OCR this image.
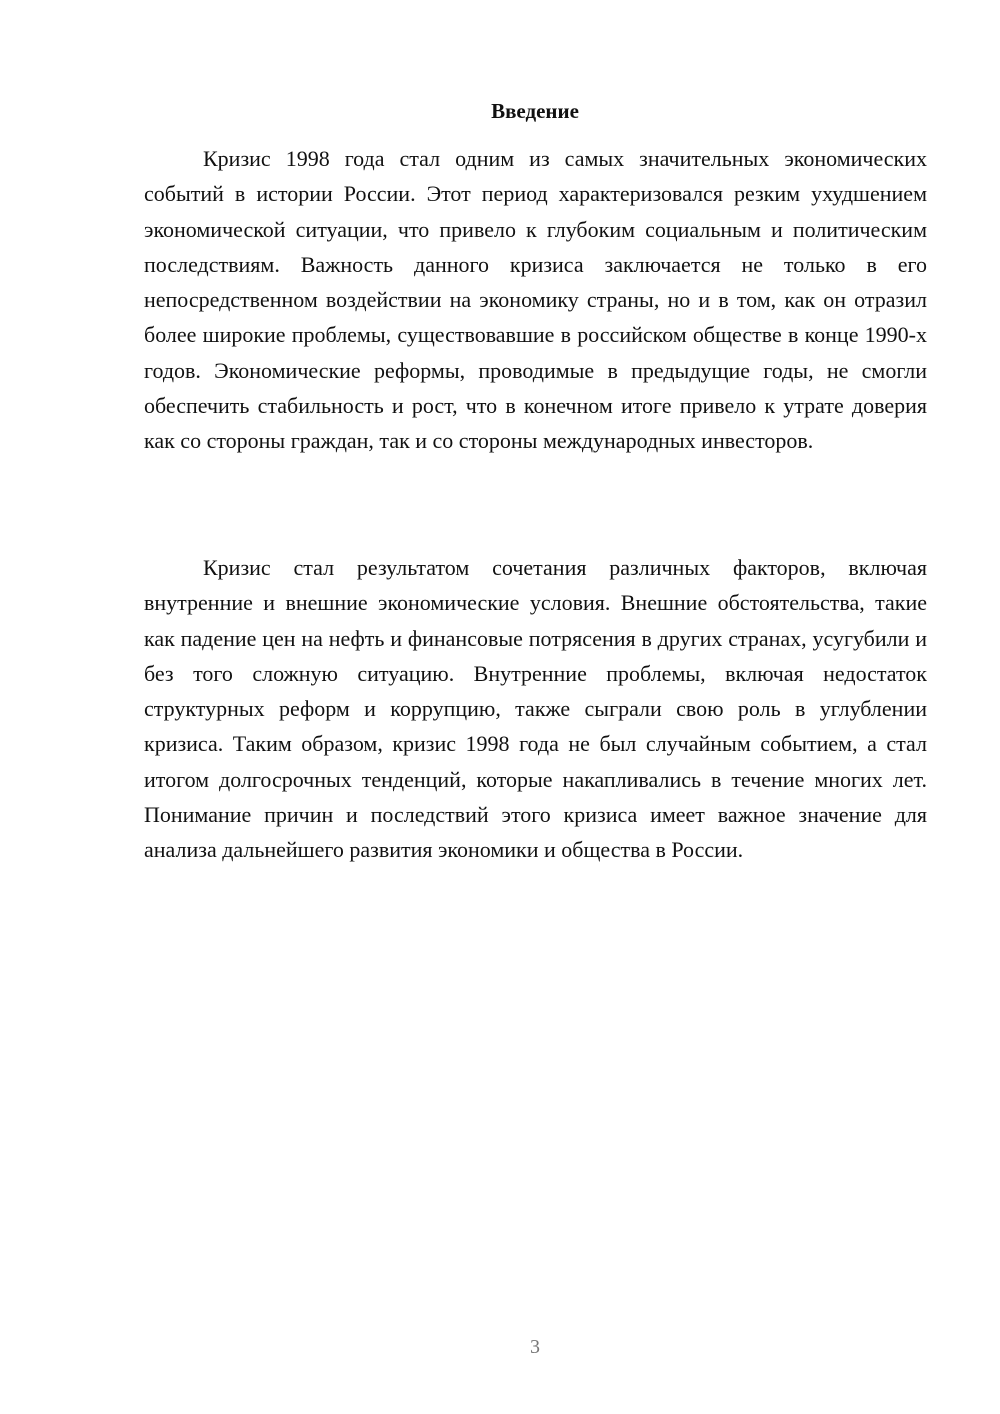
Введение

Кризис 1998 года стал одним из самых значительных экономических событий в истории России. Этот период характеризовался резким ухудшением экономической ситуации, что привело к глубоким социальным и политическим последствиям. Важность данного кризиса заключается не только в его непосредственном воздействии на экономику страны, но и в том, как он отразил более широкие проблемы, существовавшие в российском обществе в конце 1990-х годов. Экономические реформы, проводимые в предыдущие годы, не смогли обеспечить стабильность и рост, что в конечном итоге привело к утрате доверия как со стороны граждан, так и со стороны международных инвесторов.

Кризис стал результатом сочетания различных факторов, включая внутренние и внешние экономические условия. Внешние обстоятельства, такие как падение цен на нефть и финансовые потрясения в других странах, усугубили и без того сложную ситуацию. Внутренние проблемы, включая недостаток структурных реформ и коррупцию, также сыграли свою роль в углублении кризиса. Таким образом, кризис 1998 года не был случайным событием, а стал итогом долгосрочных тенденций, которые накапливались в течение многих лет. Понимание причин и последствий этого кризиса имеет важное значение для анализа дальнейшего развития экономики и общества в России.

3
